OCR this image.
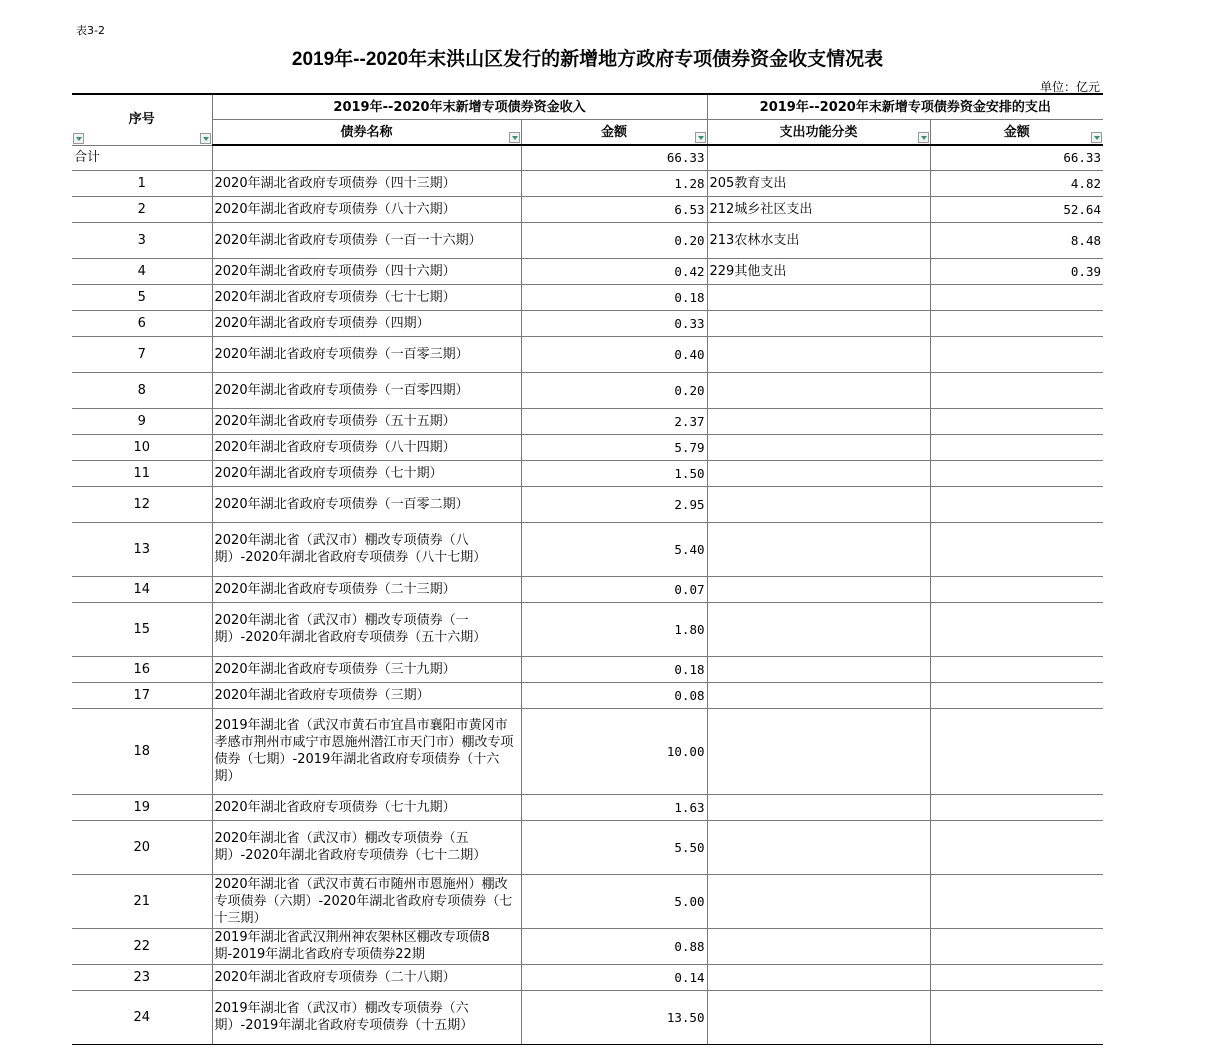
表3-2
2019年--2020年末洪山区发行的新增地方政府专项债券资金收支情况表
单位：亿元
序号	2019年--2020年末新增专项债券资金收入		2019年--2020年末新增专项债券资金安排的支出	
	债券名称	金额	支出功能分类	金额

合计		66.33		66.33
1	2020年湖北省政府专项债券（四十三期）	1.28	205教育支出	4.82
2	2020年湖北省政府专项债券（八十六期）	6.53	212城乡社区支出	52.64
3	2020年湖北省政府专项债券（一百一十六期）	0.20	213农林水支出	8.48
4	2020年湖北省政府专项债券（四十六期）	0.42	229其他支出	0.39
5	2020年湖北省政府专项债券（七十七期）	0.18		
6	2020年湖北省政府专项债券（四期）	0.33		
7	2020年湖北省政府专项债券（一百零三期）	0.40		
8	2020年湖北省政府专项债券（一百零四期）	0.20		
9	2020年湖北省政府专项债券（五十五期）	2.37		
10	2020年湖北省政府专项债券（八十四期）	5.79		
11	2020年湖北省政府专项债券（七十期）	1.50		
12	2020年湖北省政府专项债券（一百零二期）	2.95		
13	2020年湖北省（武汉市）棚改专项债券（八期）-2020年湖北省政府专项债券（八十七期）	5.40		
14	2020年湖北省政府专项债券（二十三期）	0.07		
15	2020年湖北省（武汉市）棚改专项债券（一期）-2020年湖北省政府专项债券（五十六期）	1.80		
16	2020年湖北省政府专项债券（三十九期）	0.18		
17	2020年湖北省政府专项债券（三期）	0.08		
18	2019年湖北省（武汉市黄石市宜昌市襄阳市黄冈市孝感市荆州市咸宁市恩施州潜江市天门市）棚改专项债券（七期）-2019年湖北省政府专项债券（十六期）	10.00		
19	2020年湖北省政府专项债券（七十九期）	1.63		
20	2020年湖北省（武汉市）棚改专项债券（五期）-2020年湖北省政府专项债券（七十二期）	5.50		
21	2020年湖北省（武汉市黄石市随州市恩施州）棚改专项债券（六期）-2020年湖北省政府专项债券（七十三期）	5.00		
22	2019年湖北省武汉荆州神农架林区棚改专项债8期-2019年湖北省政府专项债券22期	0.88		
23	2020年湖北省政府专项债券（二十八期）	0.14		
24	2019年湖北省（武汉市）棚改专项债券（六期）-2019年湖北省政府专项债券（十五期）	13.50		
